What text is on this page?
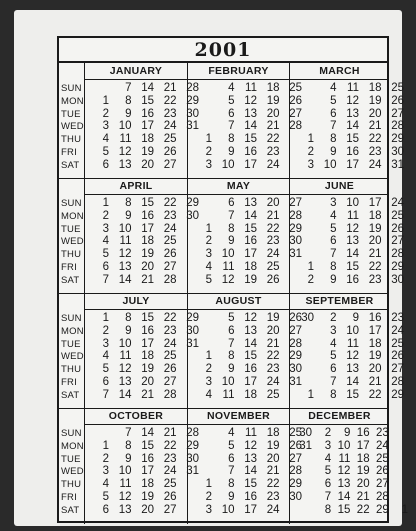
2001
SUN
MON
TUE
WED
THU
FRI
SAT
JANUARY
1
2
3
4
5
6
7
8
9
10
11
12
13
14
15
16
17
18
19
20
21
22
23
24
25
26
27
28
29
30
31
FEBRUARY
1
2
3
4
5
6
7
8
9
10
11
12
13
14
15
16
17
18
19
20
21
22
23
24
25
26
27
28
MARCH
1
2
3
4
5
6
7
8
9
10
11
12
13
14
15
16
17
18
19
20
21
22
23
24
25
26
27
28
29
30
31
SUN
MON
TUE
WED
THU
FRI
SAT
APRIL
1
2
3
4
5
6
7
8
9
10
11
12
13
14
15
16
17
18
19
20
21
22
23
24
25
26
27
28
29
30
MAY
1
2
3
4
5
6
7
8
9
10
11
12
13
14
15
16
17
18
19
20
21
22
23
24
25
26
27
28
29
30
31
JUNE
1
2
3
4
5
6
7
8
9
10
11
12
13
14
15
16
17
18
19
20
21
22
23
24
25
26
27
28
29
30
SUN
MON
TUE
WED
THU
FRI
SAT
JULY
1
2
3
4
5
6
7
8
9
10
11
12
13
14
15
16
17
18
19
20
21
22
23
24
25
26
27
28
29
30
31
AUGUST
1
2
3
4
5
6
7
8
9
10
11
12
13
14
15
16
17
18
19
20
21
22
23
24
25
26
27
28
29
30
31
SEPTEMBER
30
1
2
3
4
5
6
7
8
9
10
11
12
13
14
15
16
17
18
19
20
21
22
23
24
25
26
27
28
29
SUN
MON
TUE
WED
THU
FRI
SAT
OCTOBER
1
2
3
4
5
6
7
8
9
10
11
12
13
14
15
16
17
18
19
20
21
22
23
24
25
26
27
28
29
30
31
NOVEMBER
1
2
3
4
5
6
7
8
9
10
11
12
13
14
15
16
17
18
19
20
21
22
23
24
25
26
27
28
29
30
DECEMBER
30
31
2
3
4
5
6
7
8
9
10
11
12
13
14
15
16
17
18
19
20
21
22
23
24
25
26
27
28
29	1
